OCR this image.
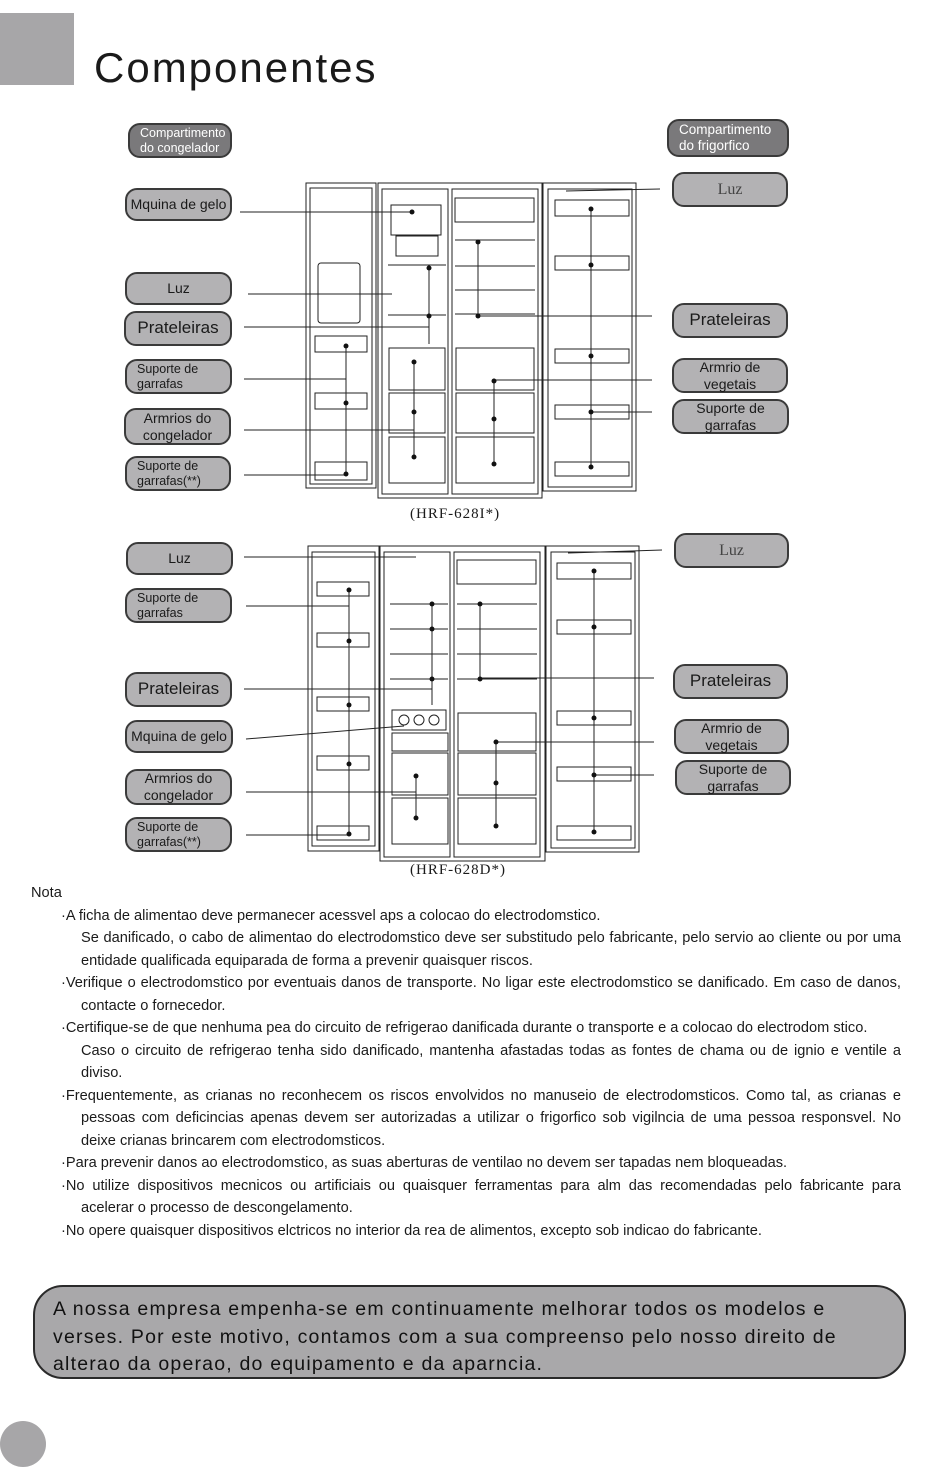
Componentes
Compartimento do congelador
Compartimento do frigorfico
Mquina de gelo
Luz
Prateleiras
Suporte de garrafas
Armrios do congelador
Suporte de garrafas(**)
Luz
Prateleiras
Armrio de vegetais
Suporte de garrafas
(HRF-628I*)
Luz
Suporte de garrafas
Prateleiras
Mquina de gelo
Armrios do congelador
Suporte de garrafas(**)
Luz
Prateleiras
Armrio de vegetais
Suporte de garrafas
(HRF-628D*)

Nota

·A ficha de alimentao deve permanecer acessvel aps a colocao do electrodomstico.

Se danificado, o cabo de alimentao do electrodomstico deve ser substitudo pelo fabricante, pelo servio ao cliente ou por uma entidade qualificada equiparada de forma a prevenir quaisquer riscos.

·Verifique o electrodomstico por eventuais danos de transporte. No ligar este electrodomstico se danificado. Em caso de danos, contacte o fornecedor.

·Certifique-se de que nenhuma pea do circuito de refrigerao danificada durante o transporte e a colocao do electrodom stico.

Caso o circuito de refrigerao tenha sido danificado, mantenha afastadas todas as fontes de chama ou de ignio e ventile a diviso.

·Frequentemente, as crianas no reconhecem os riscos envolvidos no manuseio de electrodomsticos. Como tal, as crianas e pessoas com deficincias apenas devem ser autorizadas a utilizar o frigorfico sob vigilncia de uma pessoa responsvel. No deixe crianas brincarem com electrodomsticos.

·Para prevenir danos ao electrodomstico, as suas aberturas de ventilao no devem ser tapadas nem bloqueadas.

·No utilize dispositivos mecnicos ou artificiais ou quaisquer ferramentas para alm das recomendadas pelo fabricante para acelerar o processo de descongelamento.

·No opere quaisquer dispositivos elctricos no interior da rea de alimentos, excepto sob indicao do fabricante.

A nossa empresa empenha-se em continuamente melhorar todos os modelos e verses. Por este motivo, contamos com a sua compreenso pelo nosso direito de alterao da operao, do equipamento e da aparncia.
